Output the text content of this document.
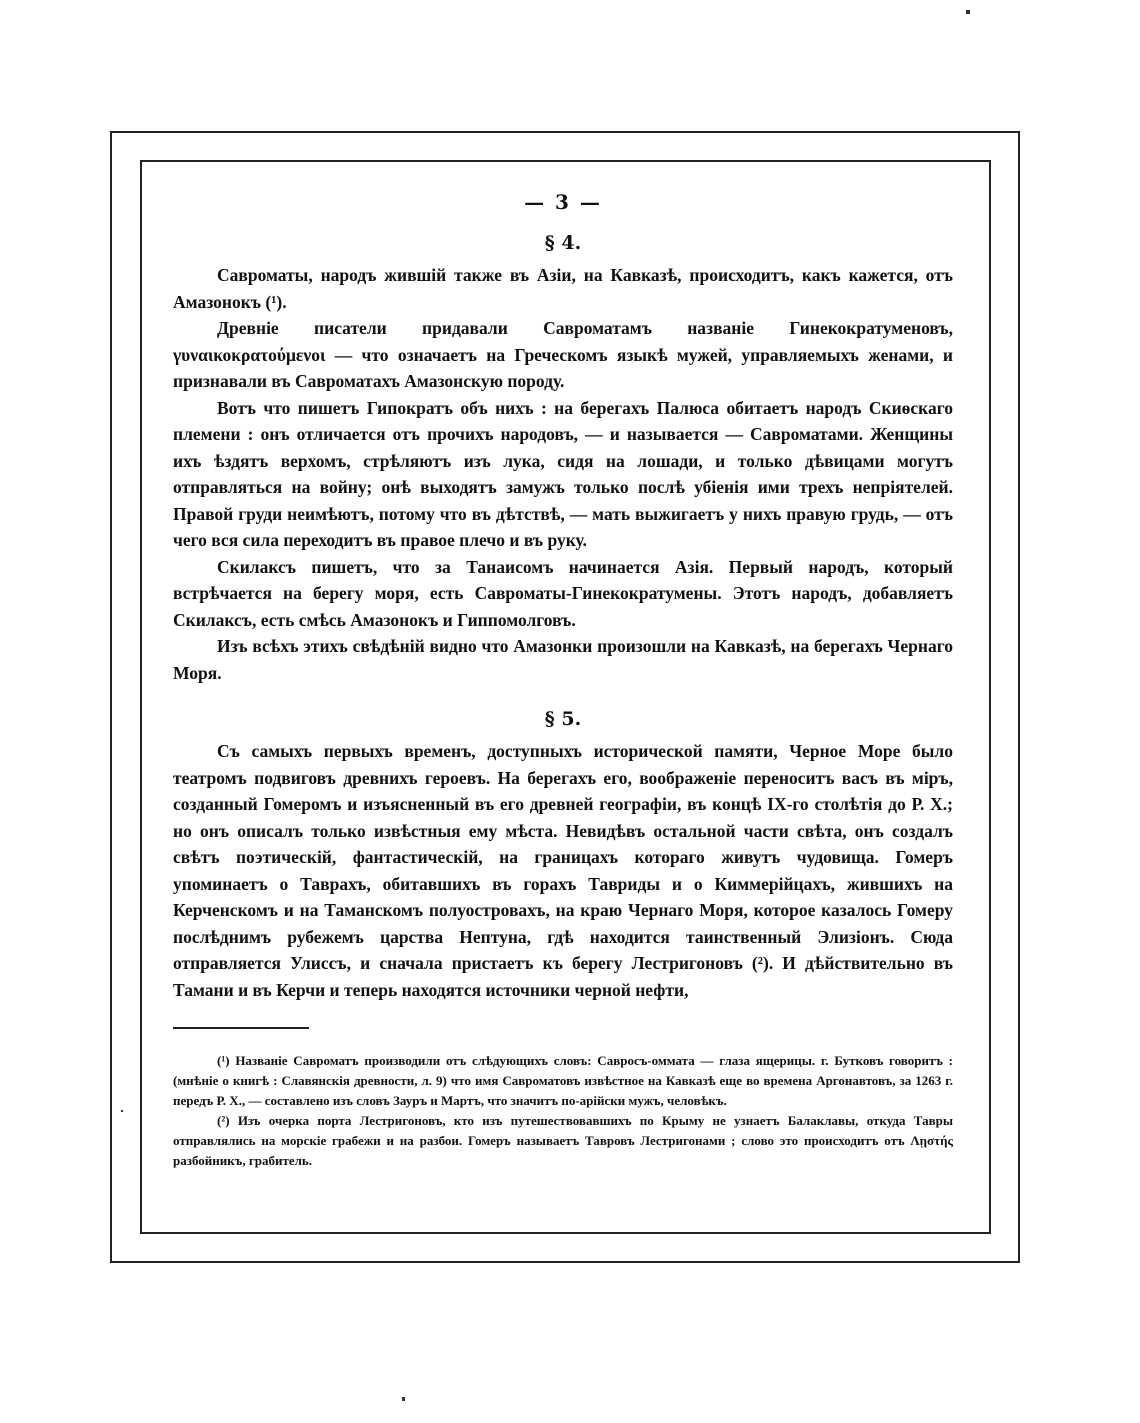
— 3 —
§ 4.

Савроматы, народъ жившій также въ Азіи, на Кавказѣ, происходитъ, какъ кажется, отъ Амазонокъ (¹).

Древніе писатели придавали Савроматамъ названіе Гинекократуменовъ, γυναικοκρατούμενοι — что означаетъ на Греческомъ языкѣ мужей, управляемыхъ женами, и признавали въ Савроматахъ Амазонскую породу.

Вотъ что пишетъ Гипократъ объ нихъ : на берегахъ Палюса обитаетъ народъ Скиѳскаго племени : онъ отличается отъ прочихъ народовъ, — и называется — Савроматами. Женщины ихъ ѣздятъ верхомъ, стрѣляютъ изъ лука, сидя на лошади, и только дѣвицами могутъ отправляться на войну; онѣ выходятъ замужъ только послѣ убіенія ими трехъ непріятелей. Правой груди неимѣютъ, потому что въ дѣтствѣ, — мать выжигаетъ у нихъ правую грудь, — отъ чего вся сила переходитъ въ правое плечо и въ руку.

Скилаксъ пишетъ, что за Танаисомъ начинается Азія. Первый народъ, который встрѣчается на берегу моря, есть Савроматы-Гинекократумены. Этотъ народъ, добавляетъ Скилаксъ, есть смѣсь Амазонокъ и Гиппомолговъ.

Изъ всѣхъ этихъ свѣдѣній видно что Амазонки произошли на Кавказѣ, на берегахъ Чернаго Моря.

§ 5.

Съ самыхъ первыхъ временъ, доступныхъ исторической памяти, Черное Море было театромъ подвиговъ древнихъ героевъ. На берегахъ его, воображеніе переноситъ васъ въ міръ, созданный Гомеромъ и изъясненный въ его древней географіи, въ концѣ IX-го столѣтія до Р. X.; но онъ описалъ только извѣстныя ему мѣста. Невидѣвъ остальной части свѣта, онъ создалъ свѣтъ поэтическій, фантастическій, на границахъ котораго живутъ чудовища. Гомеръ упоминаетъ о Таврахъ, обитавшихъ въ горахъ Тавриды и о Киммерійцахъ, жившихъ на Керченскомъ и на Таманскомъ полуостровахъ, на краю Чернаго Моря, которое казалось Гомеру послѣднимъ рубежемъ царства Нептуна, гдѣ находится таинственный Элизіонъ. Сюда отправляется Улиссъ, и сначала пристаетъ къ берегу Лестригоновъ (²). И дѣйствительно въ Тамани и въ Керчи и теперь находятся источники черной нефти,

(¹) Названіе Савроматъ производили отъ слѣдующихъ словъ: Савросъ-оммата — глаза ящерицы. г. Бутковъ говоритъ : (мнѣніе о книгѣ : Славянскія древности, л. 9) что имя Савроматовъ извѣстное на Кавказѣ еще во времена Аргонавтовъ, за 1263 г. передъ Р. X., — составлено изъ словъ Зауръ и Мартъ, что значитъ по-арійски мужъ, человѣкъ.

(²) Изъ очерка порта Лестригоновъ, кто изъ путешествовавшихъ по Крыму не узнаетъ Балаклавы, откуда Тавры отправлялись на морскіе грабежи и на разбои. Гомеръ называетъ Тавровъ Лестригонами ; слово это происходитъ отъ Λῃστής разбойникъ, грабитель.
